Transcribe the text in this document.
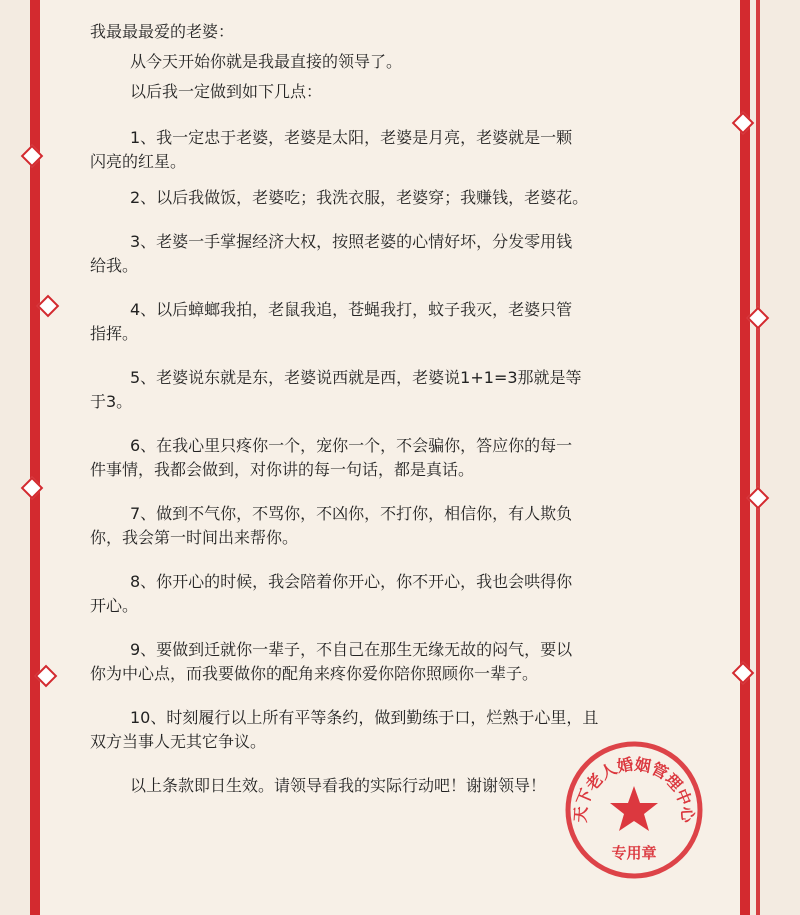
我最最最爱的老婆：
从今天开始你就是我最直接的领导了。
以后我一定做到如下几点：
1、我一定忠于老婆，老婆是太阳，老婆是月亮，老婆就是一颗
闪亮的红星。
2、以后我做饭，老婆吃；我洗衣服，老婆穿；我赚钱，老婆花。
3、老婆一手掌握经济大权，按照老婆的心情好坏，分发零用钱
给我。
4、以后蟑螂我拍，老鼠我追，苍蝇我打，蚊子我灭，老婆只管
指挥。
5、老婆说东就是东，老婆说西就是西，老婆说1+1=3那就是等
于3。
6、在我心里只疼你一个，宠你一个，不会骗你，答应你的每一
件事情，我都会做到，对你讲的每一句话，都是真话。
7、做到不气你，不骂你，不凶你，不打你，相信你，有人欺负
你，我会第一时间出来帮你。
8、你开心的时候，我会陪着你开心，你不开心，我也会哄得你
开心。
9、要做到迁就你一辈子，不自己在那生无缘无故的闷气，要以
你为中心点，而我要做你的配角来疼你爱你陪你照顾你一辈子。
10、时刻履行以上所有平等条约，做到勤练于口，烂熟于心里，且
双方当事人无其它争议。
以上条款即日生效。请领导看我的实际行动吧！谢谢领导！
天下老人婚姻管理中心
专用章
